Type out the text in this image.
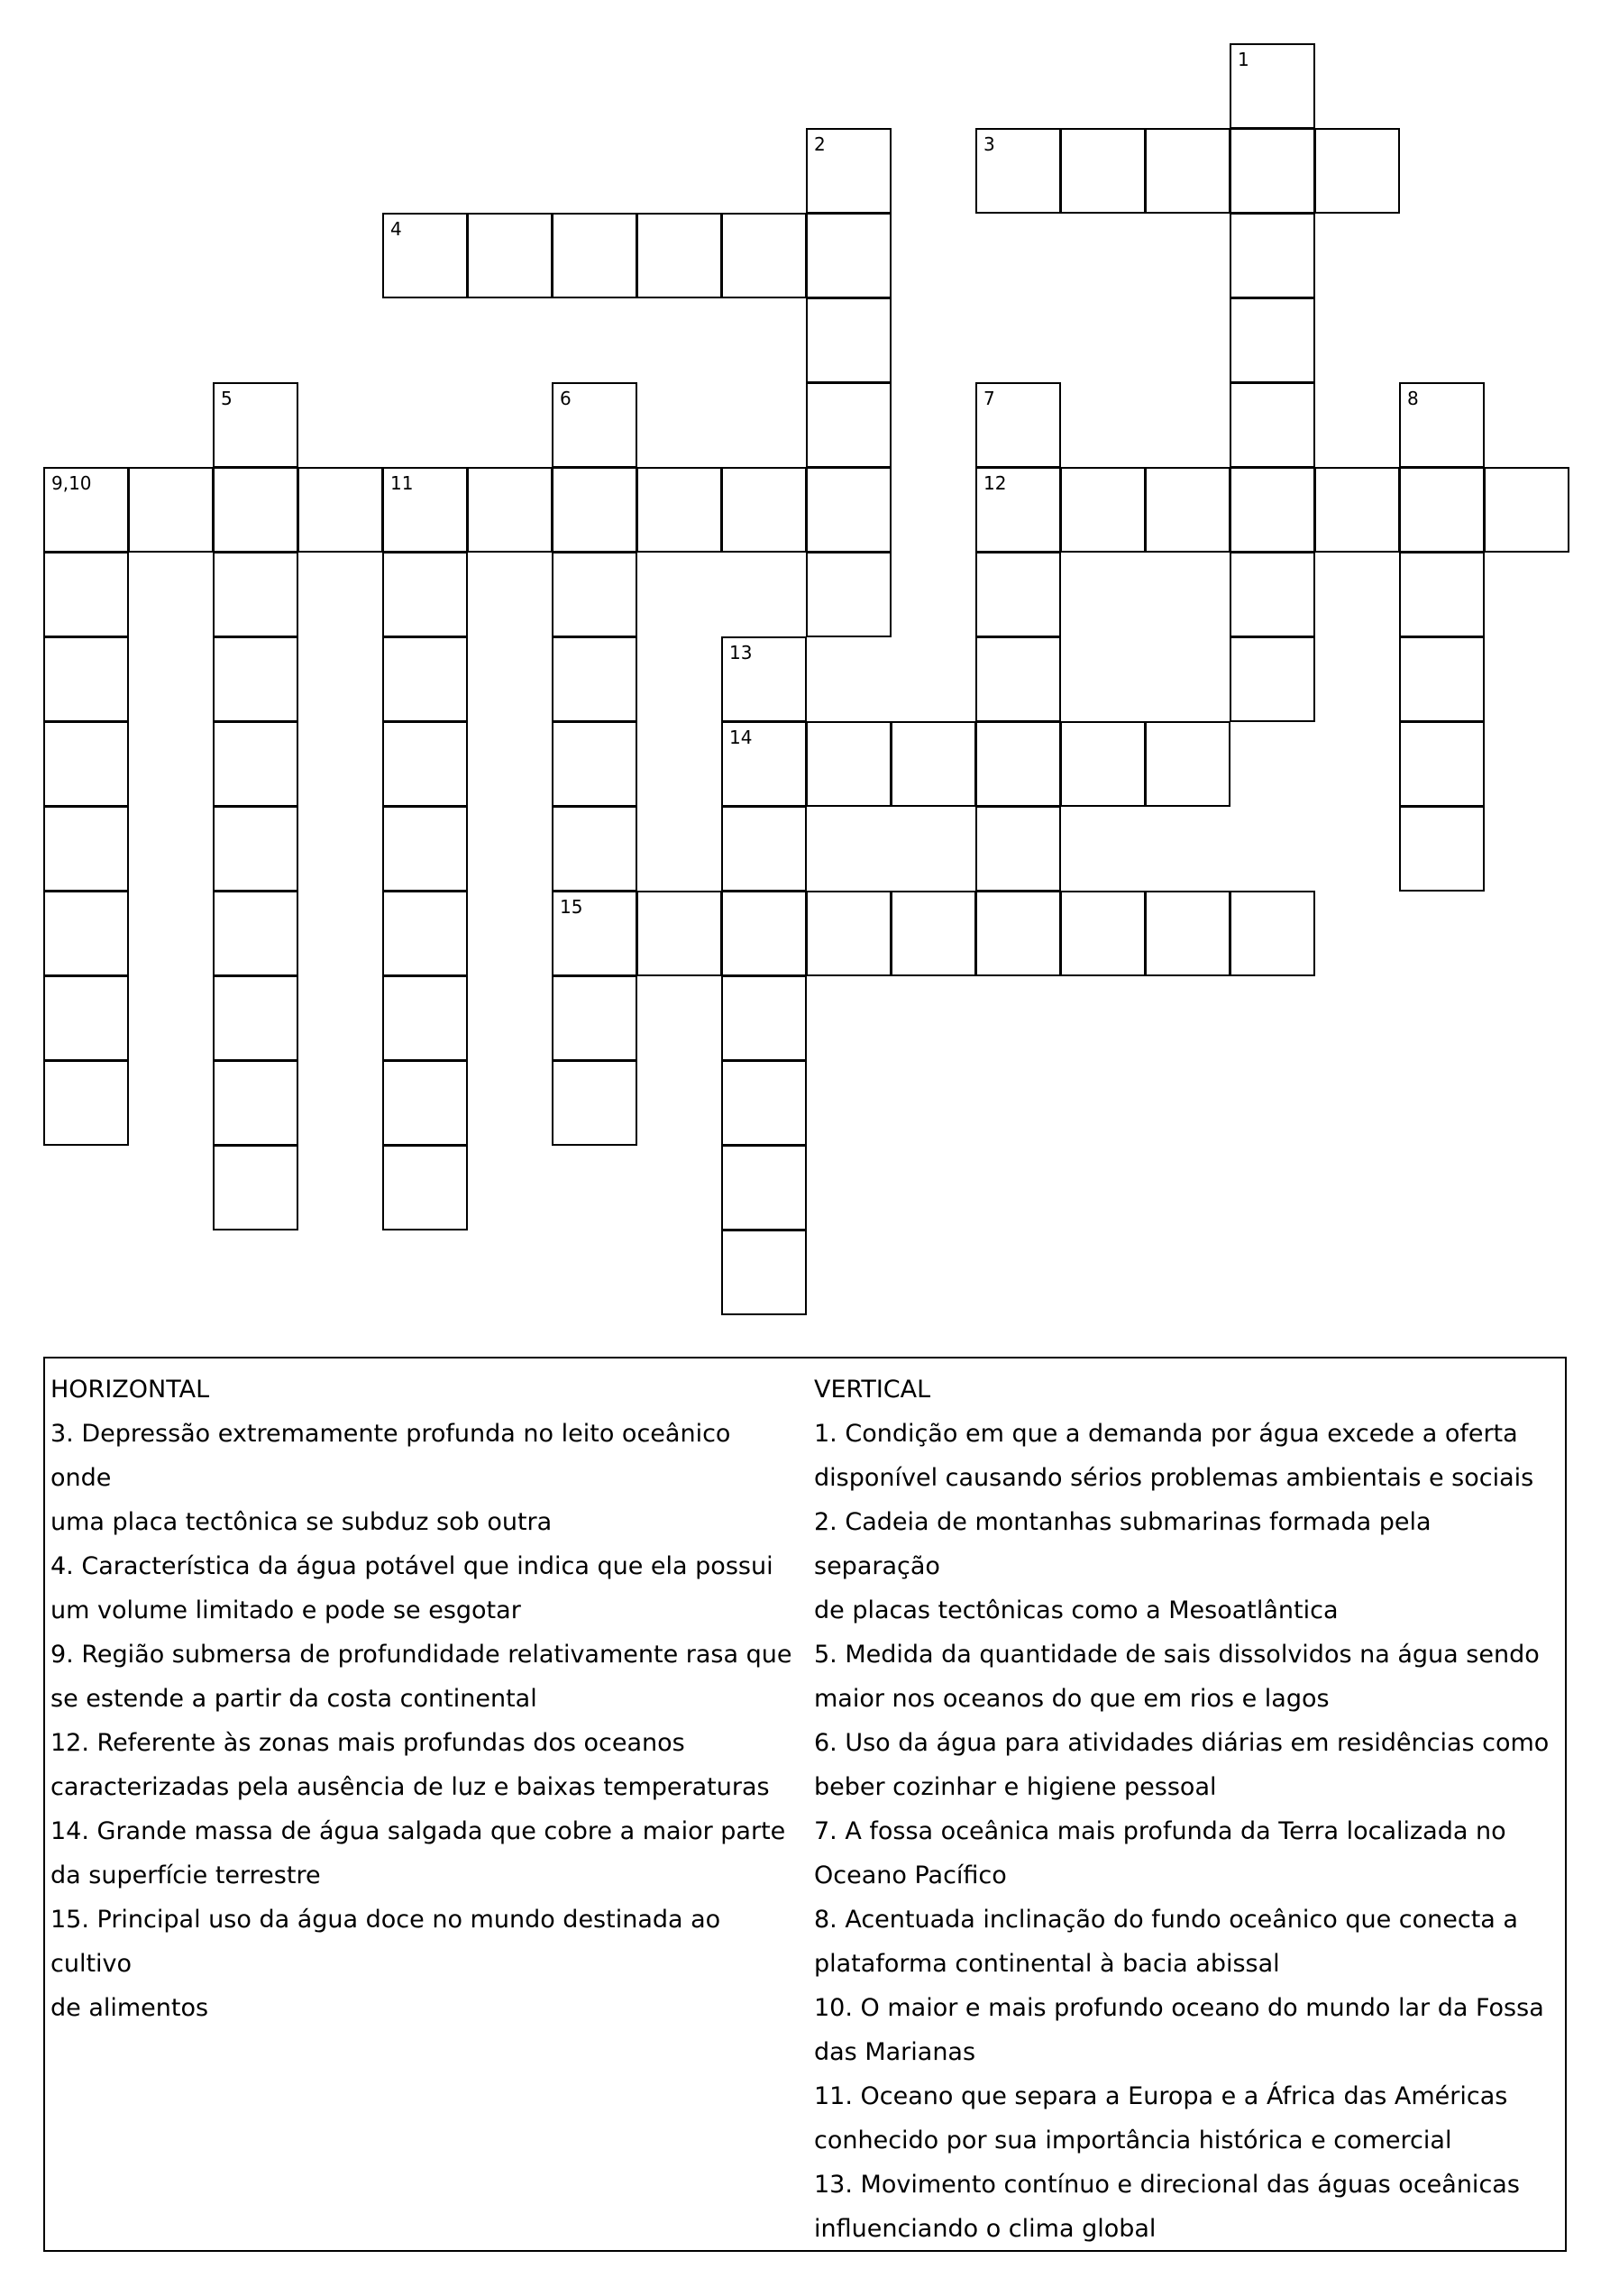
1
2	3
4
5	6	7	8
9,10	11	12
13
14
15
HORIZONTAL
3. Depressão extremamente profunda no leito oceânico onde
uma placa tectônica se subduz sob outra
4. Característica da água potável que indica que ela possui
um volume limitado e pode se esgotar
9. Região submersa de profundidade relativamente rasa que
se estende a partir da costa continental
12. Referente às zonas mais profundas dos oceanos
caracterizadas pela ausência de luz e baixas temperaturas
14. Grande massa de água salgada que cobre a maior parte
da superfície terrestre
15. Principal uso da água doce no mundo destinada ao cultivo
de alimentos
VERTICAL
1. Condição em que a demanda por água excede a oferta
disponível causando sérios problemas ambientais e sociais
2. Cadeia de montanhas submarinas formada pela separação
de placas tectônicas como a Mesoatlântica
5. Medida da quantidade de sais dissolvidos na água sendo
maior nos oceanos do que em rios e lagos
6. Uso da água para atividades diárias em residências como
beber cozinhar e higiene pessoal
7. A fossa oceânica mais profunda da Terra localizada no
Oceano Pacífico
8. Acentuada inclinação do fundo oceânico que conecta a
plataforma continental à bacia abissal
10. O maior e mais profundo oceano do mundo lar da Fossa
das Marianas
11. Oceano que separa a Europa e a África das Américas
conhecido por sua importância histórica e comercial
13. Movimento contínuo e direcional das águas oceânicas
influenciando o clima global
